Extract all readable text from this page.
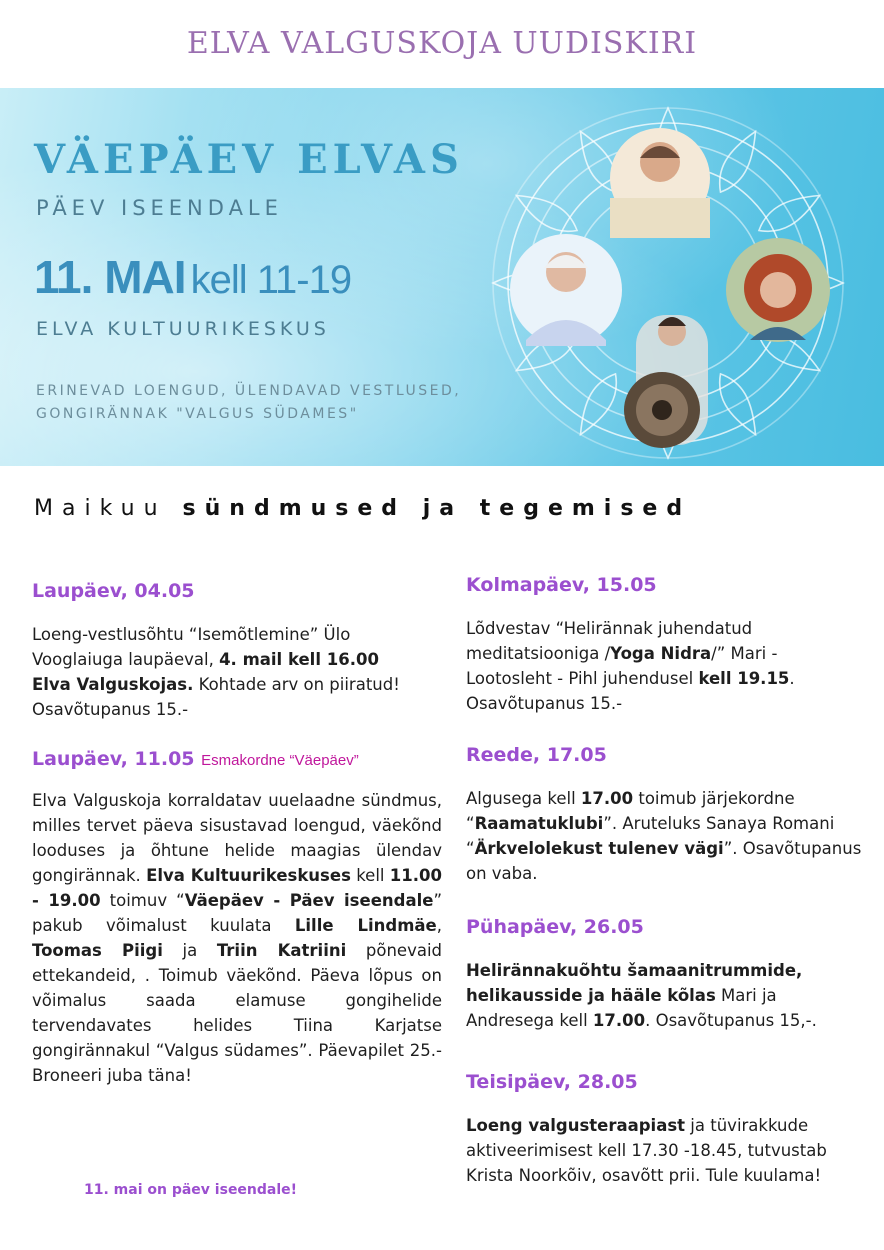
ELVA VALGUSKOJA UUDISKIRI
VÄEPÄEV ELVAS
PÄEV ISEENDALE
11. MAI kell 11-19
ELVA KULTUURIKESKUS
ERINEVAD LOENGUD, ÜLENDAVAD VESTLUSED,
GONGIRÄNNAK "VALGUS SÜDAMES"
Maikuu sündmused ja tegemised
Laupäev, 04.05
Loeng-vestlusõhtu “Isemõtlemine” Ülo Vooglaiuga laupäeval, 4. mail kell 16.00 Elva Valguskojas. Kohtade arv on piiratud! Osavõtupanus 15.-
Laupäev, 11.05 Esmakordne “Väepäev”
Elva Valguskoja korraldatav uuelaadne sündmus, milles tervet päeva sisustavad loengud, väekõnd looduses ja õhtune helide maagias ülendav gongirännak. Elva Kultuurikeskuses kell 11.00 - 19.00 toimuv “Väepäev - Päev iseendale” pakub võimalust kuulata Lille Lindmäe, Toomas Piigi ja Triin Katriini põnevaid ettekandeid, . Toimub väekõnd. Päeva lõpus on võimalus saada elamuse gongihelide tervendavates helides Tiina Karjatse gongirännakul “Valgus südames”. Päevapilet 25.- Broneeri juba täna!
11. mai on päev iseendale!
Kolmapäev, 15.05
Lõdvestav “Helirännak juhendatud meditatsiooniga /Yoga Nidra/” Mari - Lootosleht - Pihl juhendusel kell 19.15. Osavõtupanus 15.-
Reede, 17.05
Algusega kell 17.00 toimub järjekordne “Raamatuklubi”. Aruteluks Sanaya Romani “Ärkvelolekust tulenev vägi”. Osavõtupanus on vaba.
Pühapäev, 26.05
Helirännakuõhtu šamaanitrummide, helikausside ja hääle kõlas Mari ja Andresega kell 17.00. Osavõtupanus 15,-.
Teisipäev, 28.05
Loeng valgusteraapiast ja tüvirakkude aktiveerimisest kell 17.30 -18.45, tutvustab Krista Noorkõiv, osavõtt prii. Tule kuulama!
